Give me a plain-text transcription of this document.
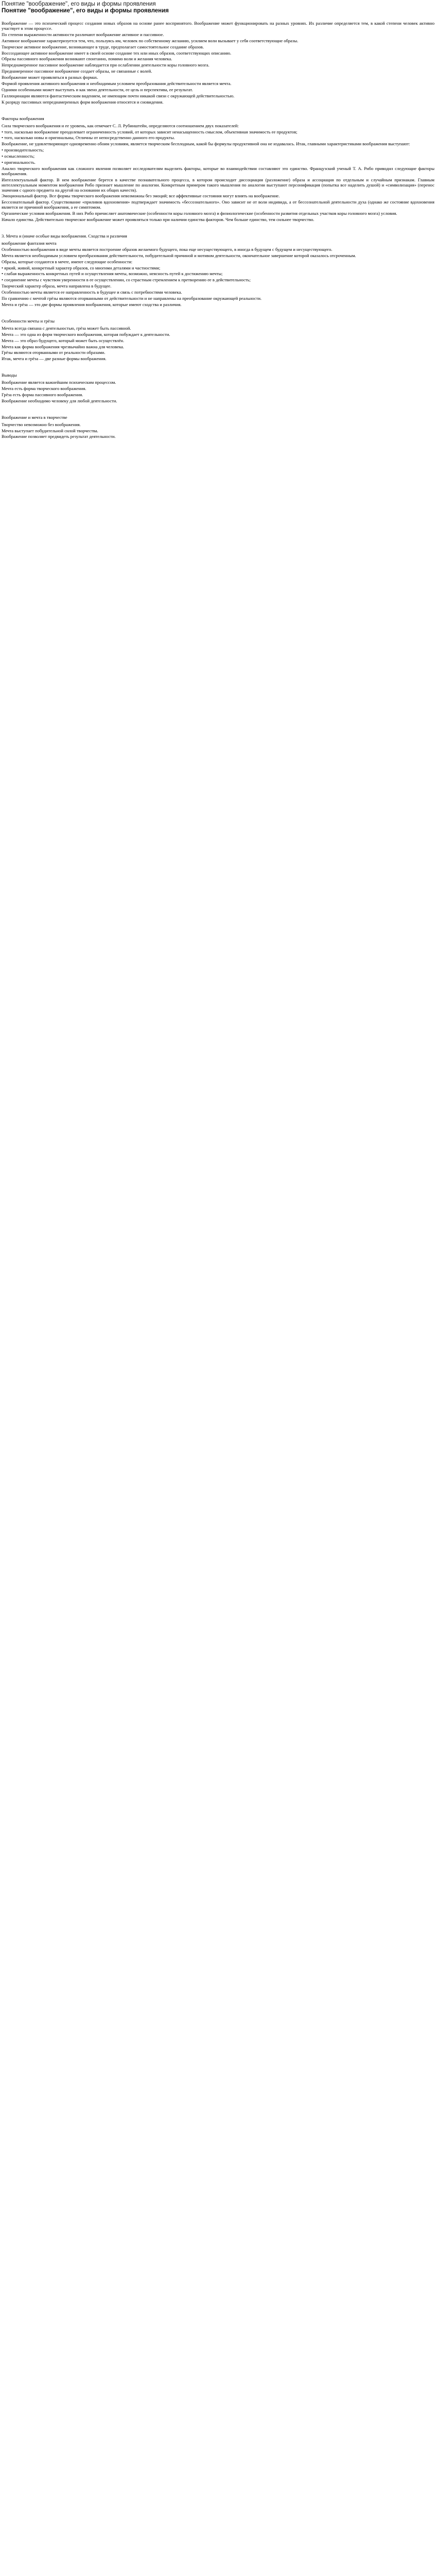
Понятие "воображение", его виды и формы проявления
Понятие "воображение", его виды и формы проявления
Воображение — это психический процесс создания новых образов на основе ранее воспринятого. Воображение может функционировать на разных уровнях. Их различие определяется тем, в какой степени человек активно участвует в этом процессе.
По степени выраженности активности различают воображение активное и пассивное.
Активное воображение характеризуется тем, что, пользуясь им, человек по собственному желанию, усилием воли вызывает у себя соответствующие образы.
Творческое активное воображение, возникающее в труде, предполагает самостоятельное создание образов.
Воссоздающее активное воображение имеет в своей основе создание тех или иных образов, соответствующих описанию.
Образы пассивного воображения возникают спонтанно, помимо воли и желания человека.
Непреднамеренное пассивное воображение наблюдается при ослаблении деятельности коры головного мозга.
Преднамеренное пассивное воображение создает образы, не связанные с волей.
Воображение может проявляться в разных формах.
Формой проявления активного воображения и необходимым условием преобразования действительности является мечта.
Одними особенными может выступать и как звено деятельности, ее цель и перспектива, ее результат.
Галлюцинации являются фантастическим видением, не имеющим почти никакой связи с окружающей действительностью.
К разряду пассивных непреднамеренных форм воображения относятся и сновидения.
Факторы воображения
Сила творческого воображения и ее уровень, как отмечает С. Л. Рубинштейн, определяются соотношением двух показателей:
• того, насколько воображение преодолевает ограниченность условий, от которых зависит ненасыщенность смыслом, объективная значимость ее продуктов;
• того, насколько новы и оригинальны, Отличны от непосредственно данного его продукты.
Воображение, не удовлетворяющее одновременно обоим условиям, является творческим бесплодным, какой бы формулы продуктивной она не издавалась. Итак, главными характеристиками воображения выступают:
• производительность;
• осмысленность;
• оригинальность.
Анализ творческого воображения как сложного явления позволяет исследователям выделить факторы, которые во взаимодействии составляют это единство. Французский ученый Т. А. Рибо приводил следующие факторы воображения.
Интеллектуальный фактор. В нем воображение берется в качестве познавательного процесса, в котором происходит диссоциация (разложение) образа и ассоциация по отдельным и случайным признакам. Главным интеллектуальным моментом воображения Рибо признает мышление по аналогии. Конкретным примером такого мышления по аналогии выступают персонификация (попытка все наделить душой) и «символизация» (перенос значения с одного предмета на другой на основании их общих качеств).
Эмоциональный фактор. Все формы творческого воображения невозможны без эмоций; все аффективные состояния могут влиять на воображение.
Бессознательный фактор. Существование «приливов вдохновения» подтверждает значимость «бессознательного». Оно зависит не от воли индивида, а от бессознательной деятельности духа (однако же состояние вдохновения является не причиной воображения, а ее симптомом.
Органические условия воображения. В них Рибо причисляет анатомические (особенности коры головного мозга) и физиологические (особенности развития отдельных участков коры головного мозга) условия.
Начало единства. Действительно творческое воображение может проявляться только при наличии единства факторов. Чем больше единство, тем сильнее творчество.
3. Мечта и (иначе особые виды воображения. Сходства и различия
воображение фантазия мечта
Особенностью воображения в виде мечты является построение образов желаемого будущего, пока еще несуществующего, в иногда в будущем с будущем и несуществующего.
Мечта является необходимым условием преобразования действительности, побудительной причиной и мотивом деятельности, окончательное завершение которой оказалось отсроченным.
Образы, которые создаются в мечте, имеют следующие особенности:
• яркий, живой, конкретный характер образов, со многими деталями и частностями;
• слабая выраженность конкретных путей и осуществления мечты, возможно, неясность путей к достижению мечты;
• соединение мечты с чувством уверенности в ее осуществлении, со страстным стремлением к претворению ее в действительность;
Творческий характер образа, мечта направлена в будущее.
Особенностью мечты является ее направленность в будущее и связь с потребностями человека.
По сравнению с мечтой грёзы являются оторванными от действительности и не направлены на преобразование окружающей реальности.
Мечта и грёза — это две формы проявления воображения, которые имеют сходства и различия.
Особенности мечты и грёзы
Мечта всегда связана с деятельностью, грёза может быть пассивной.
Мечта — это одна из форм творческого воображения, которая побуждает к деятельности.
Мечта — это образ будущего, который может быть осуществлён.
Мечта как форма воображения чрезвычайно важна для человека.
Грёзы являются оторванными от реальности образами.
Итак, мечта и грёза — две разные формы воображения.
Выводы
Воображение является важнейшим психическим процессом.
Мечта есть форма творческого воображения.
Грёза есть форма пассивного воображения.
Воображение необходимо человеку для любой деятельности.
Воображение и мечта в творчестве
Творчество невозможно без воображения.
Мечта выступает побудительной силой творчества.
Воображение позволяет предвидеть результат деятельности.
